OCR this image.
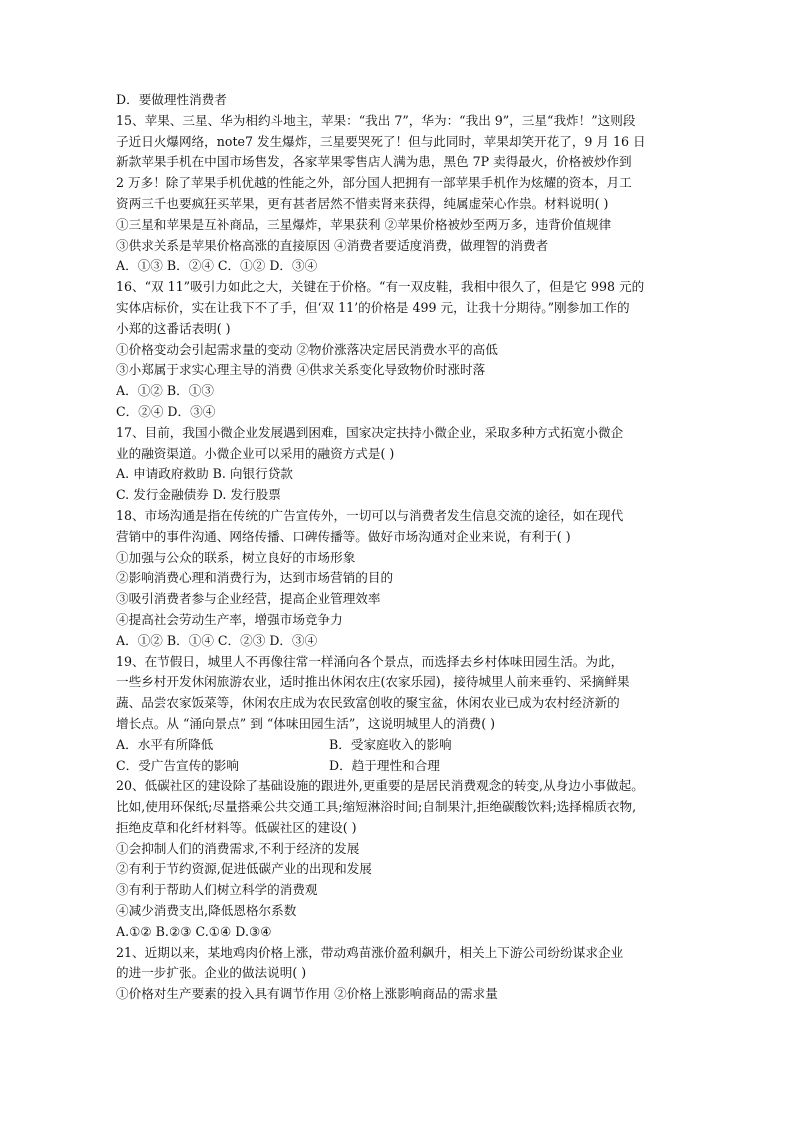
D．要做理性消费者
15、苹果、三星、华为相约斗地主，苹果：“我出 7”，华为：“我出 9”，三星“我炸！”这则段
子近日火爆网络，note7 发生爆炸，三星要哭死了！但与此同时，苹果却笑开花了，9 月 16 日
新款苹果手机在中国市场售发，各家苹果零售店人满为患，黑色 7P 卖得最火，价格被炒作到
2 万多！除了苹果手机优越的性能之外，部分国人把拥有一部苹果手机作为炫耀的资本，月工
资两三千也要疯狂买苹果，更有甚者居然不惜卖肾来获得，纯属虚荣心作祟。材料说明( )
①三星和苹果是互补商品，三星爆炸，苹果获利 ②苹果价格被炒至两万多，违背价值规律
③供求关系是苹果价格高涨的直接原因 ④消费者要适度消费，做理智的消费者
A．①③ B．②④ C．①② D．③④
16、“双 11”吸引力如此之大，关键在于价格。“有一双皮鞋，我相中很久了，但是它 998 元的
实体店标价，实在让我下不了手，但‘双 11’的价格是 499 元，让我十分期待。”刚参加工作的
小郑的这番话表明( )
①价格变动会引起需求量的变动 ②物价涨落决定居民消费水平的高低
③小郑属于求实心理主导的消费 ④供求关系变化导致物价时涨时落
A．①② B．①③
C．②④ D．③④
17、目前，我国小微企业发展遇到困难，国家决定扶持小微企业，采取多种方式拓宽小微企
业的融资渠道。小微企业可以采用的融资方式是( )
A. 申请政府救助 B. 向银行贷款
C. 发行金融债券 D. 发行股票
18、市场沟通是指在传统的广告宣传外，一切可以与消费者发生信息交流的途径，如在现代
营销中的事件沟通、网络传播、口碑传播等。做好市场沟通对企业来说，有利于( )
①加强与公众的联系，树立良好的市场形象
②影响消费心理和消费行为，达到市场营销的目的
③吸引消费者参与企业经营，提高企业管理效率
④提高社会劳动生产率，增强市场竞争力
A．①② B．①④ C．②③ D．③④
19、在节假日，城里人不再像往常一样涌向各个景点，而选择去乡村体味田园生活。为此，
一些乡村开发休闲旅游农业，适时推出休闲农庄(农家乐园)，接待城里人前来垂钓、采摘鲜果
蔬、品尝农家饭菜等，休闲农庄成为农民致富创收的聚宝盆，休闲农业已成为农村经济新的
增长点。从 “涌向景点” 到 “体味田园生活”，这说明城里人的消费( )
A．水平有所降低	B．受家庭收入的影响
C．受广告宣传的影响	D．趋于理性和合理
20、低碳社区的建设除了基础设施的跟进外,更重要的是居民消费观念的转变,从身边小事做起。
比如,使用环保纸;尽量搭乘公共交通工具;缩短淋浴时间;自制果汁,拒绝碳酸饮料;选择棉质衣物,
拒绝皮草和化纤材料等。低碳社区的建设( )
①会抑制人们的消费需求,不利于经济的发展
②有利于节约资源,促进低碳产业的出现和发展
③有利于帮助人们树立科学的消费观
④减少消费支出,降低恩格尔系数
A.①② B.②③ C.①④ D.③④
21、近期以来，某地鸡肉价格上涨，带动鸡苗涨价盈利飙升，相关上下游公司纷纷谋求企业
的进一步扩张。企业的做法说明( )
①价格对生产要素的投入具有调节作用 ②价格上涨影响商品的需求量
